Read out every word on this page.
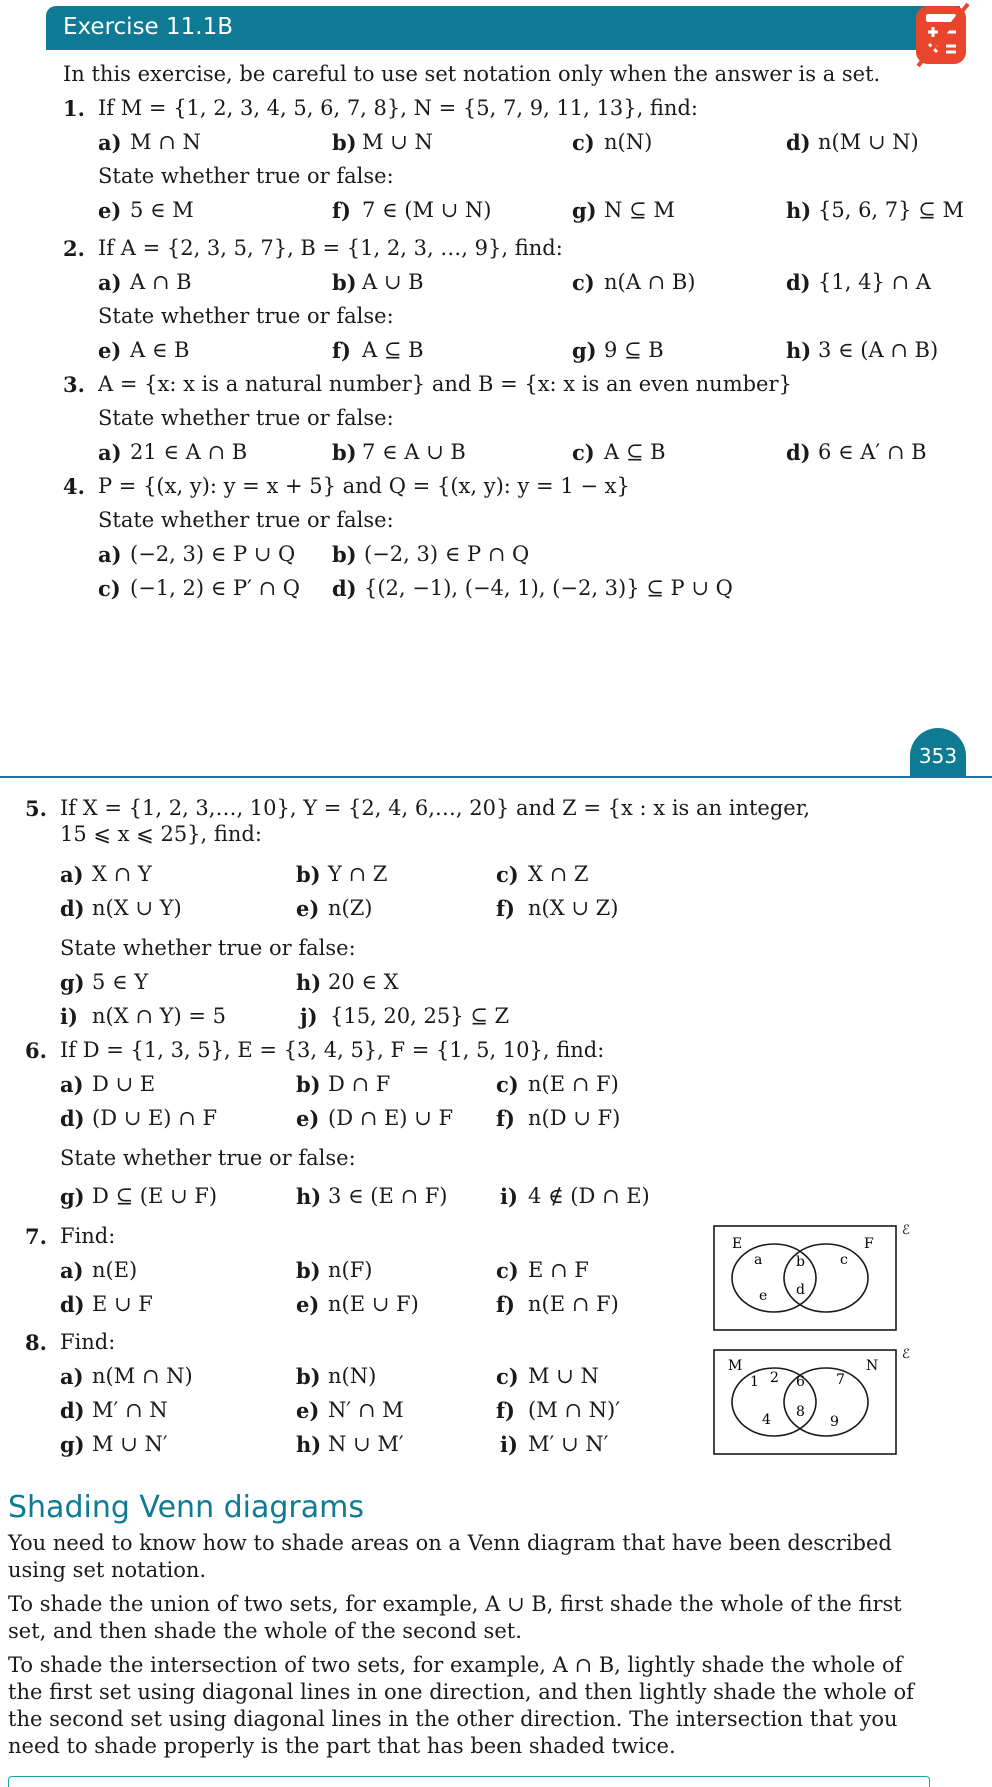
Exercise 11.1B
In this exercise, be careful to use set notation only when the answer is a set.
1. If M = {1, 2, 3, 4, 5, 6, 7, 8}, N = {5, 7, 9, 11, 13}, find:
a) M ∩ N	b) M ∪ N	c) n(N)	d) n(M ∪ N)
State whether true or false:
e) 5 ∈ M	f) 7 ∈ (M ∪ N)	g) N ⊆ M	h) {5, 6, 7} ⊆ M
2. If A = {2, 3, 5, 7}, B = {1, 2, 3, …, 9}, find:
a) A ∩ B	b) A ∪ B	c) n(A ∩ B)	d) {1, 4} ∩ A
State whether true or false:
e) A ∈ B	f) A ⊆ B	g) 9 ⊆ B	h) 3 ∈ (A ∩ B)
3. A = {x: x is a natural number} and B = {x: x is an even number}
State whether true or false:
a) 21 ∈ A ∩ B	b) 7 ∈ A ∪ B	c) A ⊆ B	d) 6 ∈ A′ ∩ B
4. P = {(x, y): y = x + 5} and Q = {(x, y): y = 1 − x}
State whether true or false:
a) (−2, 3) ∈ P ∪ Q b) (−2, 3) ∈ P ∩ Q
c) (−1, 2) ∈ P′ ∩ Q d) {(2, −1), (−4, 1), (−2, 3)} ⊆ P ∪ Q
353
5. If X = {1, 2, 3,…, 10}, Y = {2, 4, 6,…, 20} and Z = {x : x is an integer,
15 ⩽ x ⩽ 25}, find:
a) X ∩ Y	b) Y ∩ Z	c) X ∩ Z
d) n(X ∪ Y)	e) n(Z)	f) n(X ∪ Z)
State whether true or false:
g) 5 ∈ Y	h) 20 ∈ X
i) n(X ∩ Y) = 5	j) {15, 20, 25} ⊆ Z
6. If D = {1, 3, 5}, E = {3, 4, 5}, F = {1, 5, 10}, find:
a) D ∪ E	b) D ∩ F	c) n(E ∩ F)
d) (D ∪ E) ∩ F	e) (D ∩ E) ∪ F f) n(D ∪ F)
State whether true or false:
g) D ⊆ (E ∪ F)	h) 3 ∈ (E ∩ F)	i) 4 ∉ (D ∩ E)
7. Find:
a) n(E)	b) n(F)	c) E ∩ F
d) E ∪ F	e) n(E ∪ F)	f) n(E ∩ F)
ℰ
E	F
a
e
b
d
c
8. Find:
a) n(M ∩ N)	b) n(N)	c) M ∪ N
d) M′ ∩ N	e) N′ ∩ M	f) (M ∩ N)′
g) M ∪ N′	h) N ∪ M′	i) M′ ∪ N′
ℰ
M	N
1 2
4
6
8
7
9
Shading Venn diagrams
You need to know how to shade areas on a Venn diagram that have been described using set notation.
To shade the union of two sets, for example, A ∪ B, first shade the whole of the first set, and then shade the whole of the second set.
To shade the intersection of two sets, for example, A ∩ B, lightly shade the whole of the first set using diagonal lines in one direction, and then lightly shade the whole of the second set using diagonal lines in the other direction. The intersection that you need to shade properly is the part that has been shaded twice.
